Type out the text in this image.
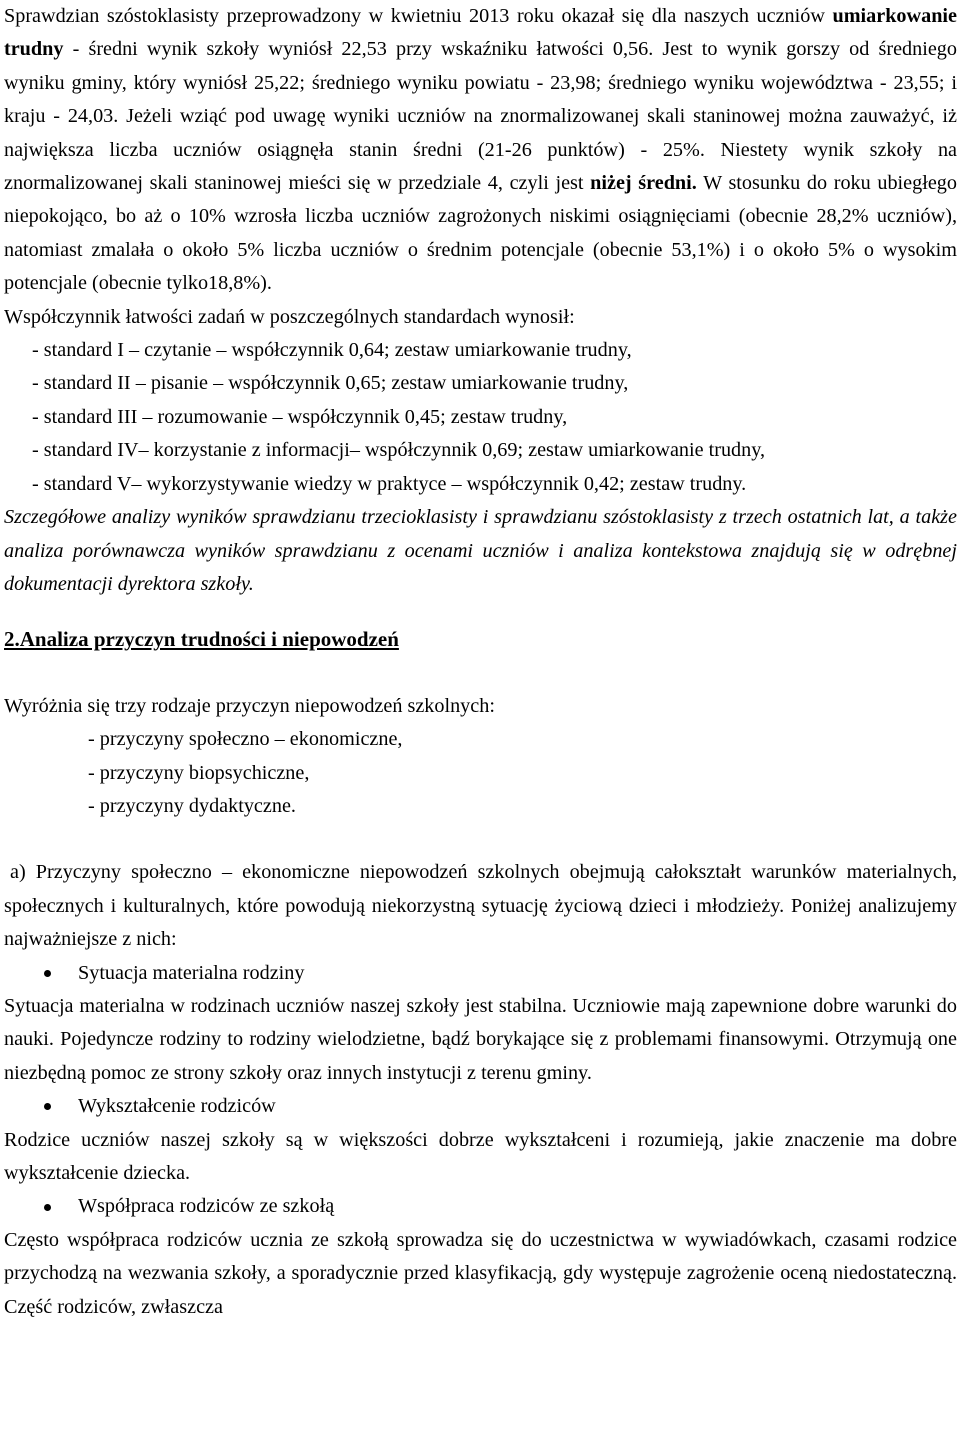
Sprawdzian szóstoklasisty przeprowadzony w kwietniu 2013 roku okazał się dla naszych uczniów umiarkowanie trudny - średni wynik szkoły wyniósł 22,53 przy wskaźniku łatwości 0,56. Jest to wynik gorszy od średniego wyniku gminy, który wyniósł 25,22; średniego wyniku powiatu - 23,98; średniego wyniku województwa - 23,55; i kraju - 24,03. Jeżeli wziąć pod uwagę wyniki uczniów na znormalizowanej skali staninowej można zauważyć, iż największa liczba uczniów osiągnęła stanin średni (21-26 punktów) - 25%. Niestety wynik szkoły na znormalizowanej skali staninowej mieści się w przedziale 4, czyli jest niżej średni. W stosunku do roku ubiegłego niepokojąco, bo aż o 10% wzrosła liczba uczniów zagrożonych niskimi osiągnięciami (obecnie 28,2% uczniów), natomiast zmalała o około 5% liczba uczniów o średnim potencjale (obecnie 53,1%) i o około 5% o wysokim potencjale (obecnie tylko18,8%).

Współczynnik łatwości zadań w poszczególnych standardach wynosił:

- standard I – czytanie – współczynnik 0,64; zestaw umiarkowanie trudny,
- standard II – pisanie – współczynnik 0,65; zestaw umiarkowanie trudny,
- standard III – rozumowanie – współczynnik 0,45; zestaw trudny,
- standard IV– korzystanie z informacji– współczynnik 0,69; zestaw umiarkowanie trudny,
- standard V– wykorzystywanie wiedzy w praktyce – współczynnik 0,42; zestaw trudny.

Szczegółowe analizy wyników sprawdzianu trzecioklasisty i sprawdzianu szóstoklasisty z trzech ostatnich lat, a także analiza porównawcza wyników sprawdzianu z ocenami uczniów i analiza kontekstowa znajdują się w odrębnej dokumentacji dyrektora szkoły.

2.Analiza przyczyn trudności i niepowodzeń

Wyróżnia się trzy rodzaje przyczyn niepowodzeń szkolnych:

- przyczyny społeczno – ekonomiczne,
- przyczyny biopsychiczne,
- przyczyny dydaktyczne.

a) Przyczyny społeczno – ekonomiczne niepowodzeń szkolnych obejmują całokształt warunków materialnych, społecznych i kulturalnych, które powodują niekorzystną sytuację życiową dzieci i młodzieży. Poniżej analizujemy najważniejsze z nich:

Sytuacja materialna rodziny

Sytuacja materialna w rodzinach uczniów naszej szkoły jest stabilna. Uczniowie mają zapewnione dobre warunki do nauki. Pojedyncze rodziny to rodziny wielodzietne, bądź borykające się z problemami finansowymi. Otrzymują one niezbędną pomoc ze strony szkoły oraz innych instytucji z terenu gminy.

Wykształcenie rodziców

Rodzice uczniów naszej szkoły są w większości dobrze wykształceni i rozumieją, jakie znaczenie ma dobre wykształcenie dziecka.

Współpraca rodziców ze szkołą

Często współpraca rodziców ucznia ze szkołą sprowadza się do uczestnictwa w wywiadówkach, czasami rodzice przychodzą na wezwania szkoły, a sporadycznie przed klasyfikacją, gdy występuje zagrożenie oceną niedostateczną. Część rodziców, zwłaszcza
